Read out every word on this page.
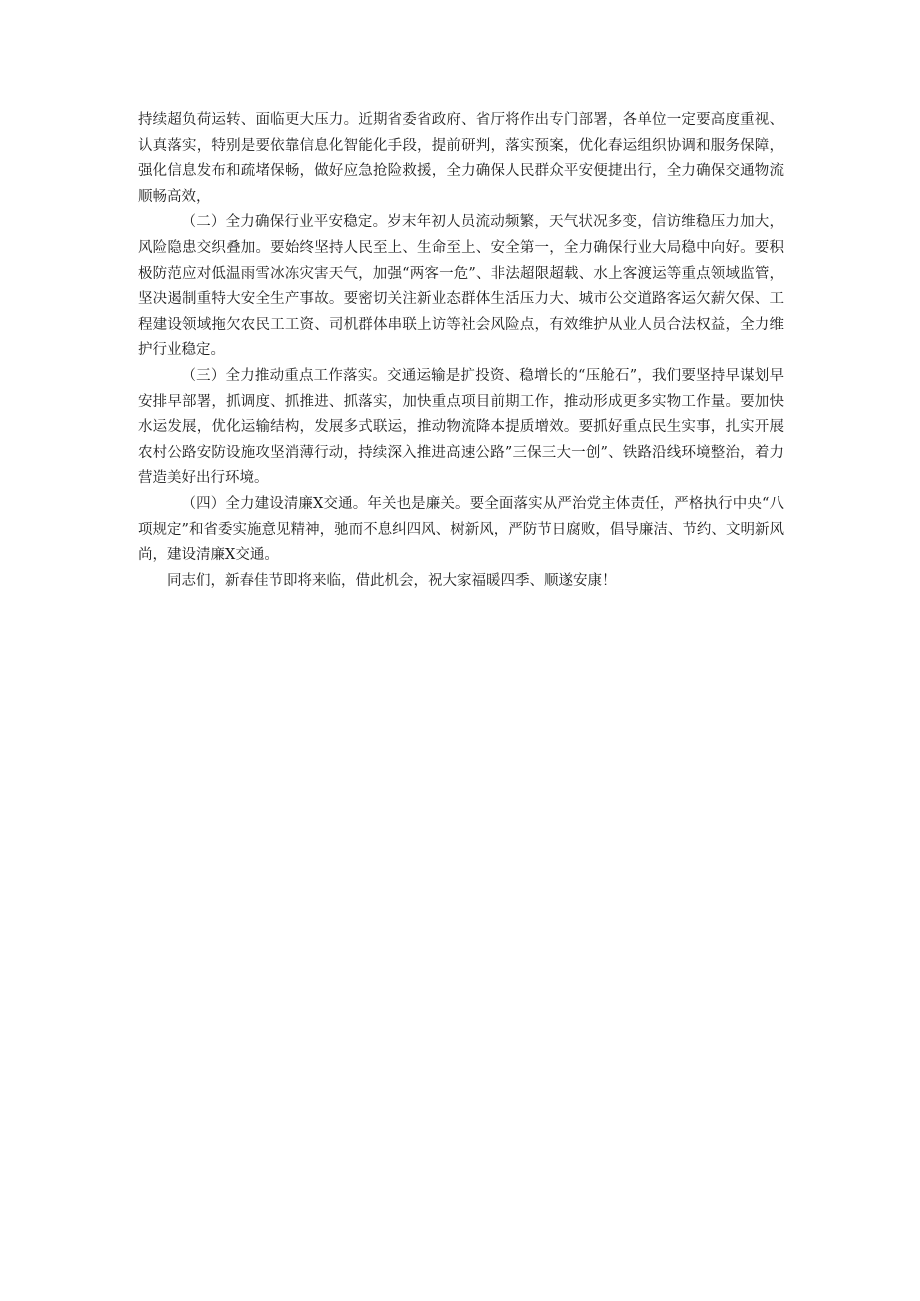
持续超负荷运转、面临更大压力。近期省委省政府、省厅将作出专门部署，各单位一定要高度重视、认真落实，特别是要依靠信息化智能化手段，提前研判，落实预案，优化春运组织协调和服务保障，强化信息发布和疏堵保畅，做好应急抢险救援，全力确保人民群众平安便捷出行，全力确保交通物流顺畅高效，

（二）全力确保行业平安稳定。岁末年初人员流动频繁，天气状况多变，信访维稳压力加大，风险隐患交织叠加。要始终坚持人民至上、生命至上、安全第一，全力确保行业大局稳中向好。要积极防范应对低温雨雪冰冻灾害天气，加强“两客一危”、非法超限超载、水上客渡运等重点领域监管，坚决遏制重特大安全生产事故。要密切关注新业态群体生活压力大、城市公交道路客运欠薪欠保、工程建设领域拖欠农民工工资、司机群体串联上访等社会风险点，有效维护从业人员合法权益，全力维护行业稳定。

（三）全力推动重点工作落实。交通运输是扩投资、稳增长的“压舱石”，我们要坚持早谋划早安排早部署，抓调度、抓推进、抓落实，加快重点项目前期工作，推动形成更多实物工作量。要加快水运发展，优化运输结构，发展多式联运，推动物流降本提质增效。要抓好重点民生实事，扎实开展农村公路安防设施攻坚消薄行动，持续深入推进高速公路”三保三大一创”、铁路沿线环境整治，着力营造美好出行环境。

（四）全力建设清廉X交通。年关也是廉关。要全面落实从严治党主体责任，严格执行中央“八项规定”和省委实施意见精神，驰而不息纠四风、树新风，严防节日腐败，倡导廉洁、节约、文明新风尚，建设清廉X交通。

同志们，新春佳节即将来临，借此机会，祝大家福暖四季、顺遂安康！
